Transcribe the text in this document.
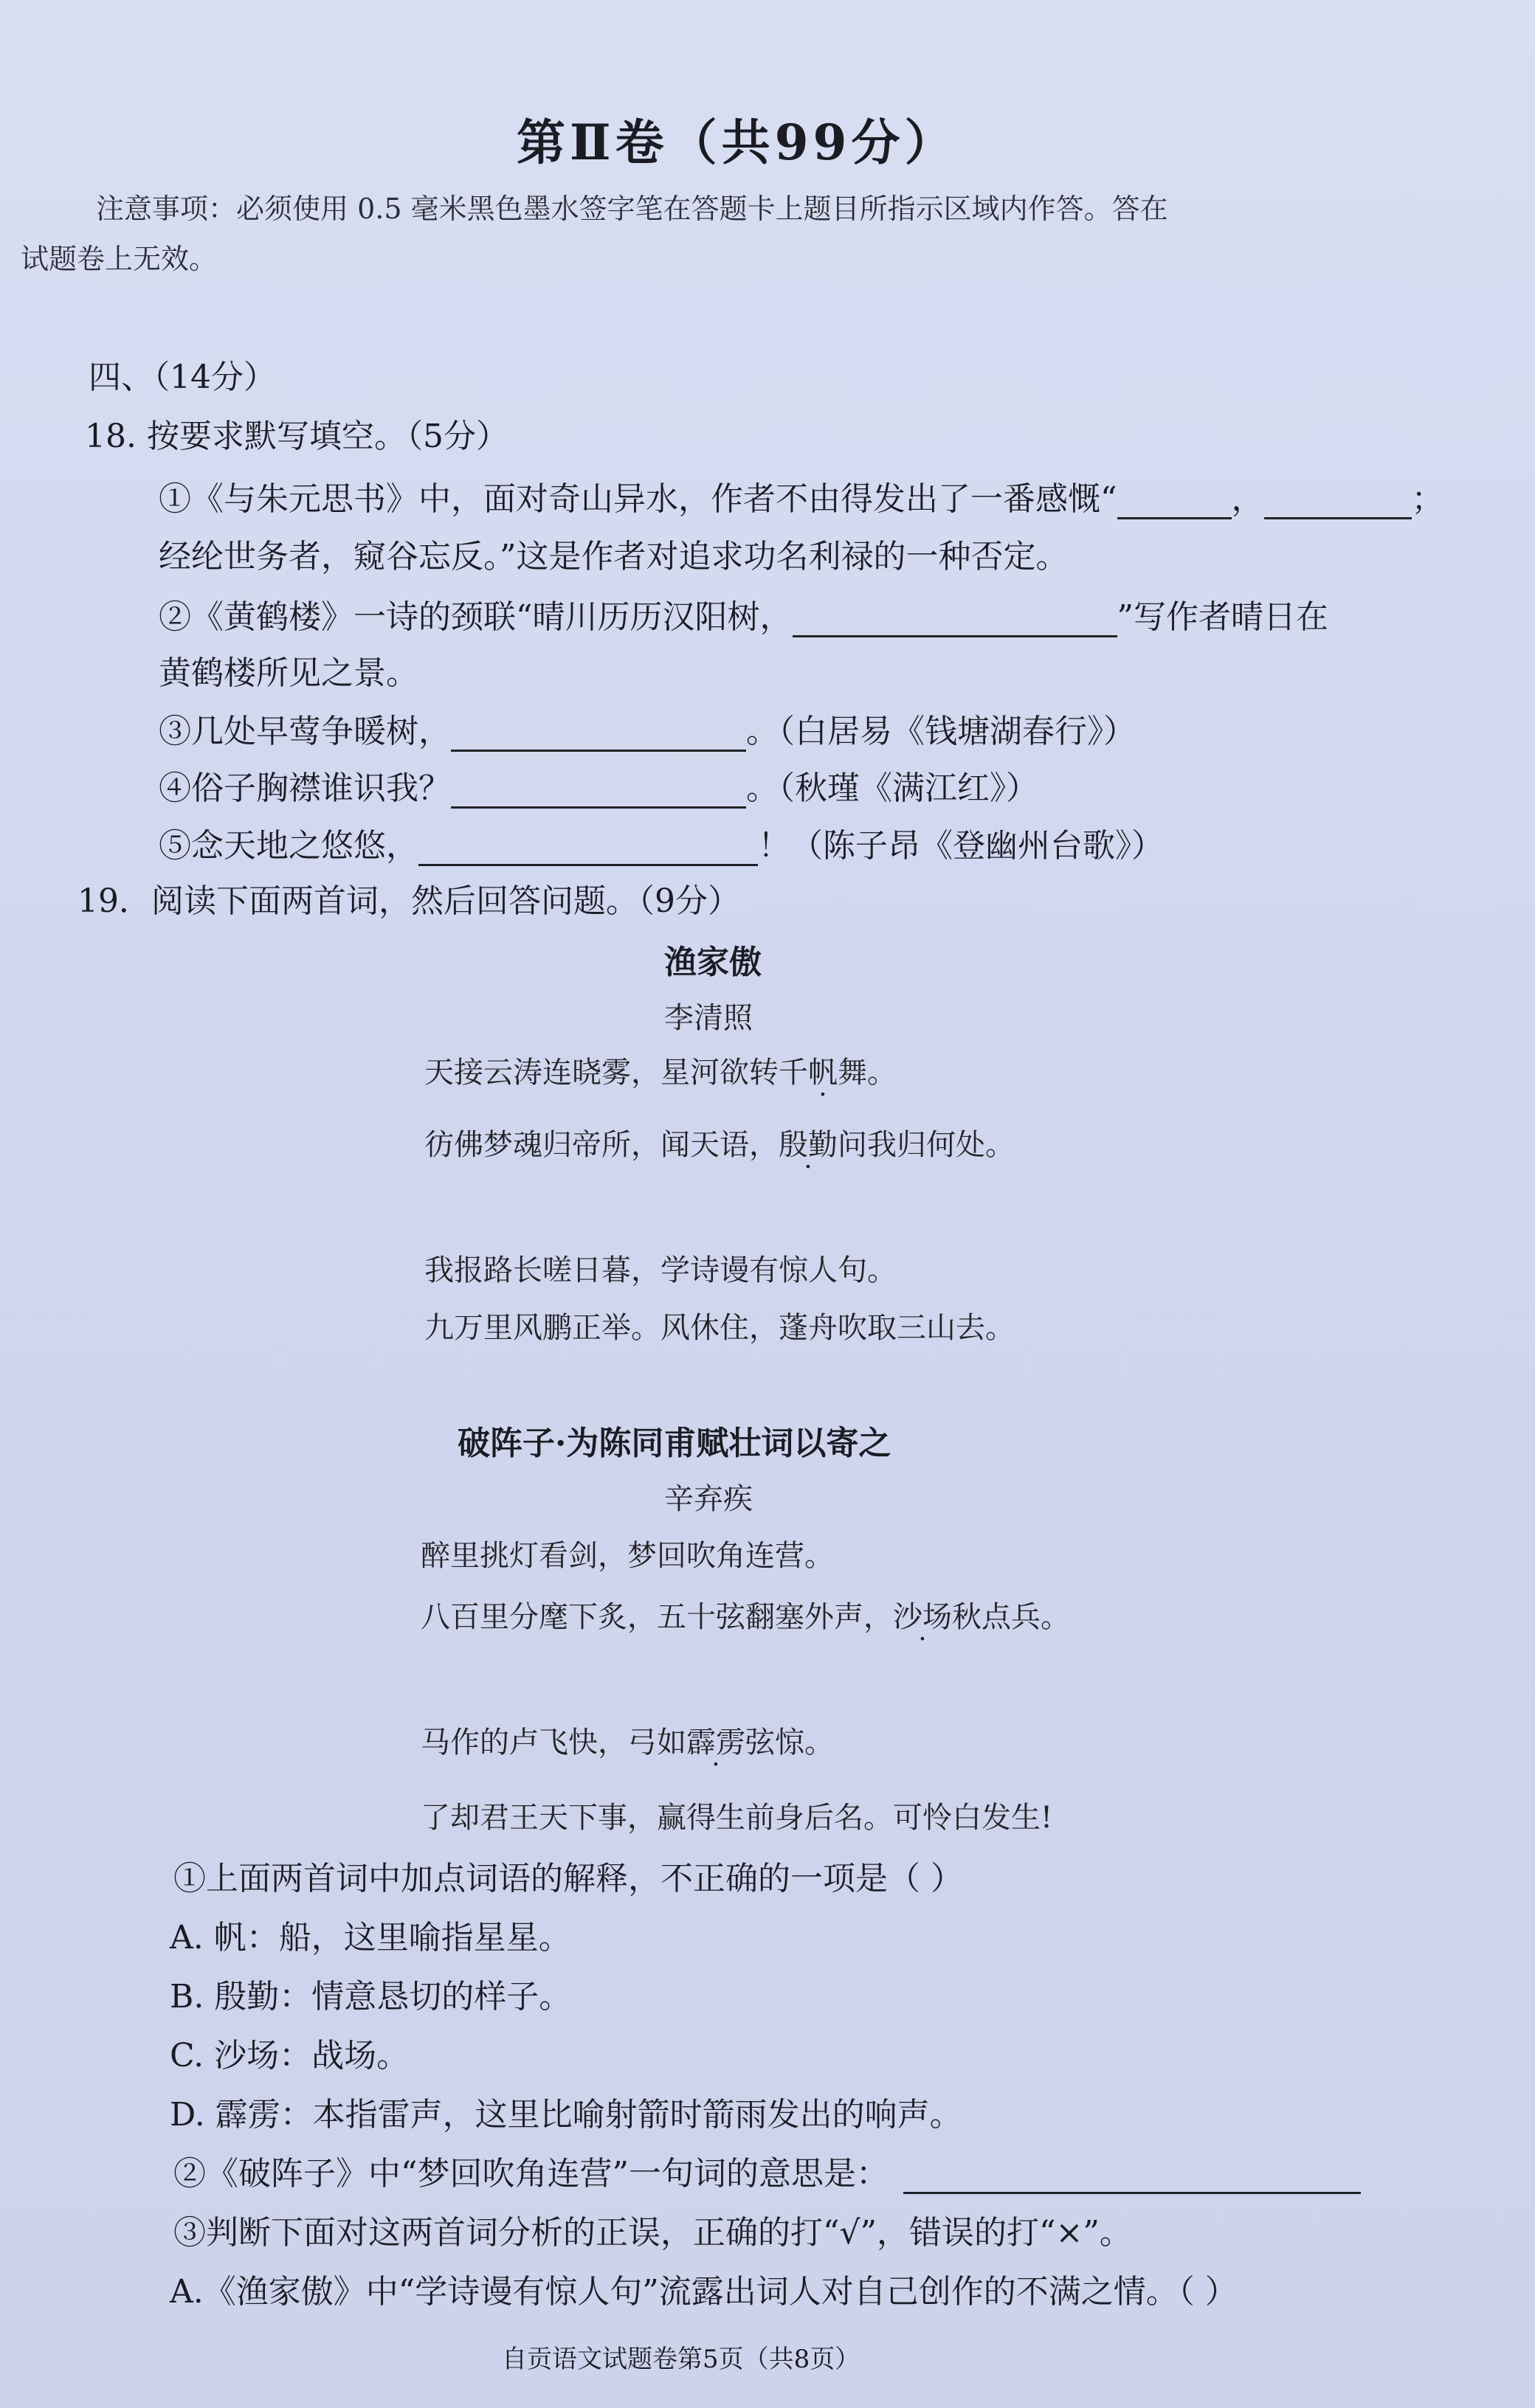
第Ⅱ卷（共99分）
注意事项：必须使用 0.5 毫米黑色墨水签字笔在答题卡上题目所指示区域内作答。答在
试题卷上无效。
四、（14分）
18. 按要求默写填空。（5分）
①《与朱元思书》中，面对奇山异水，作者不由得发出了一番感慨“	，	；
经纶世务者，窥谷忘反。”这是作者对追求功名利禄的一种否定。
②《黄鹤楼》一诗的颈联“晴川历历汉阳树，	”写作者晴日在
黄鹤楼所见之景。
③几处早莺争暖树，	。（白居易《钱塘湖春行》）
④俗子胸襟谁识我？	。（秋瑾《满江红》）
⑤念天地之悠悠，	！（陈子昂《登幽州台歌》）
19．阅读下面两首词，然后回答问题。（9分）
渔家傲
李清照
天接云涛连晓雾，星河欲转千帆舞。
彷佛梦魂归帝所，闻天语，殷勤问我归何处。
我报路长嗟日暮，学诗谩有惊人句。
九万里风鹏正举。风休住，蓬舟吹取三山去。
破阵子·为陈同甫赋壮词以寄之
辛弃疾
醉里挑灯看剑，梦回吹角连营。
八百里分麾下炙，五十弦翻塞外声，沙场秋点兵。
马作的卢飞快，弓如霹雳弦惊。
了却君王天下事，赢得生前身后名。可怜白发生!
①上面两首词中加点词语的解释，不正确的一项是（ ）
A. 帆：船，这里喻指星星。
B. 殷勤：情意恳切的样子。
C. 沙场：战场。
D. 霹雳：本指雷声，这里比喻射箭时箭雨发出的响声。
②《破阵子》中“梦回吹角连营”一句词的意思是：
③判断下面对这两首词分析的正误，正确的打“√”，错误的打“×”。
A.《渔家傲》中“学诗谩有惊人句”流露出词人对自己创作的不满之情。（ ）
自贡语文试题卷第5页（共8页）
